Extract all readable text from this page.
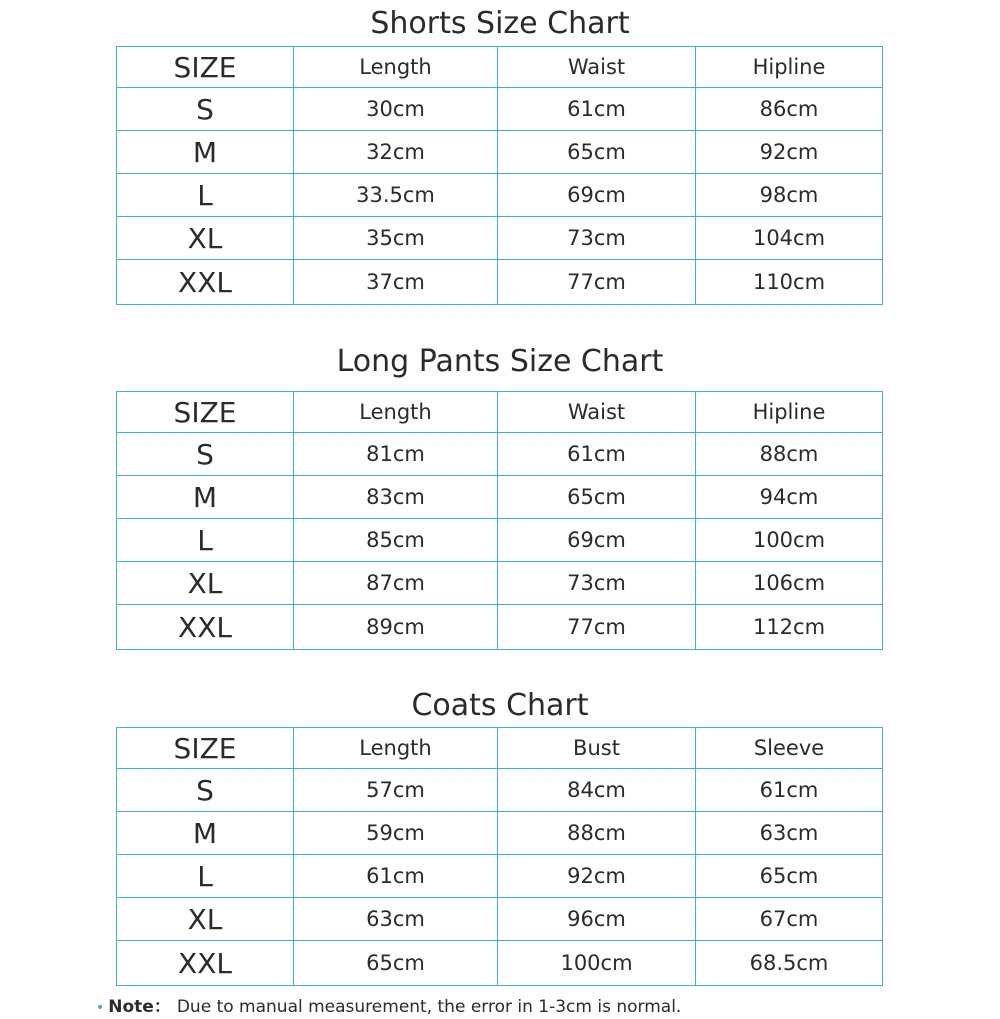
Shorts Size Chart
SIZE	Length	Waist	Hipline
S	30cm	61cm	86cm
M	32cm	65cm	92cm
L	33.5cm	69cm	98cm
XL	35cm	73cm	104cm
XXL	37cm	77cm	110cm
Long Pants Size Chart
SIZE	Length	Waist	Hipline
S	81cm	61cm	88cm
M	83cm	65cm	94cm
L	85cm	69cm	100cm
XL	87cm	73cm	106cm
XXL	89cm	77cm	112cm
Coats Chart
SIZE	Length	Bust	Sleeve
S	57cm	84cm	61cm
M	59cm	88cm	63cm
L	61cm	92cm	65cm
XL	63cm	96cm	67cm
XXL	65cm	100cm	68.5cm
• Note： Due to manual measurement, the error in 1-3cm is normal.
